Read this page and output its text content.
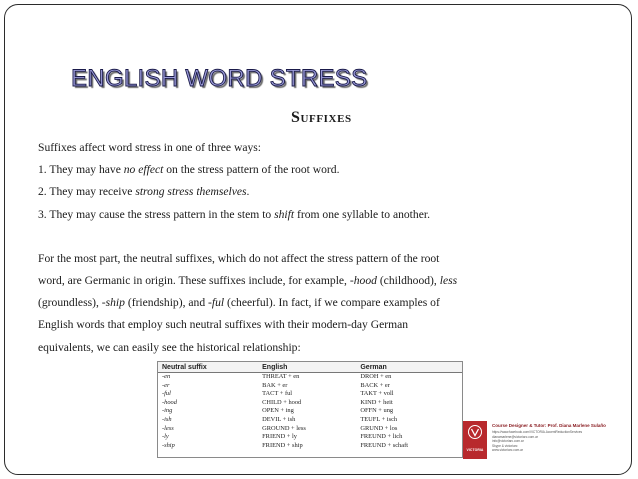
ENGLISH WORD STRESS
Suffixes
Suffixes affect word stress in one of three ways:
1. They may have no effect on the stress pattern of the root word.
2. They may receive strong stress themselves.
3. They may cause the stress pattern in the stem to shift from one syllable to another.
For the most part, the neutral suffixes, which do not affect the stress pattern of the root
word, are Germanic in origin. These suffixes include, for example, -hood (childhood), less
(groundless), -ship (friendship), and -ful (cheerful). In fact, if we compare examples of
English words that employ such neutral suffixes with their modern-day German
equivalents, we can easily see the historical relationship:
Neutral suffix	English	German
-en	THREAT + en	DROH + en
-er	BAK + er	BACK + er
-ful	TACT + ful	TAKT + voll
-hood	CHILD + hood	KIND + heit
-ing	OPEN + ing	OFFN + ung
-ish	DEVIL + ish	TEUFL + isch
-less	GROUND + less	GRUND + los
-ly	FRIEND + ly	FREUND + lich
-ship	FRIEND + ship	FREUND + schaft
VICTORIA
Course Designer & Tutor: Prof. Diana Marlene Sulaño
https://www.facebook.com/VICTORIA.AccentReductionServices
dianamarlene@victoriarc.com.ar
info@victoriarc.com.ar
Skype & victoriarc
www.victoriarc.com.ar
